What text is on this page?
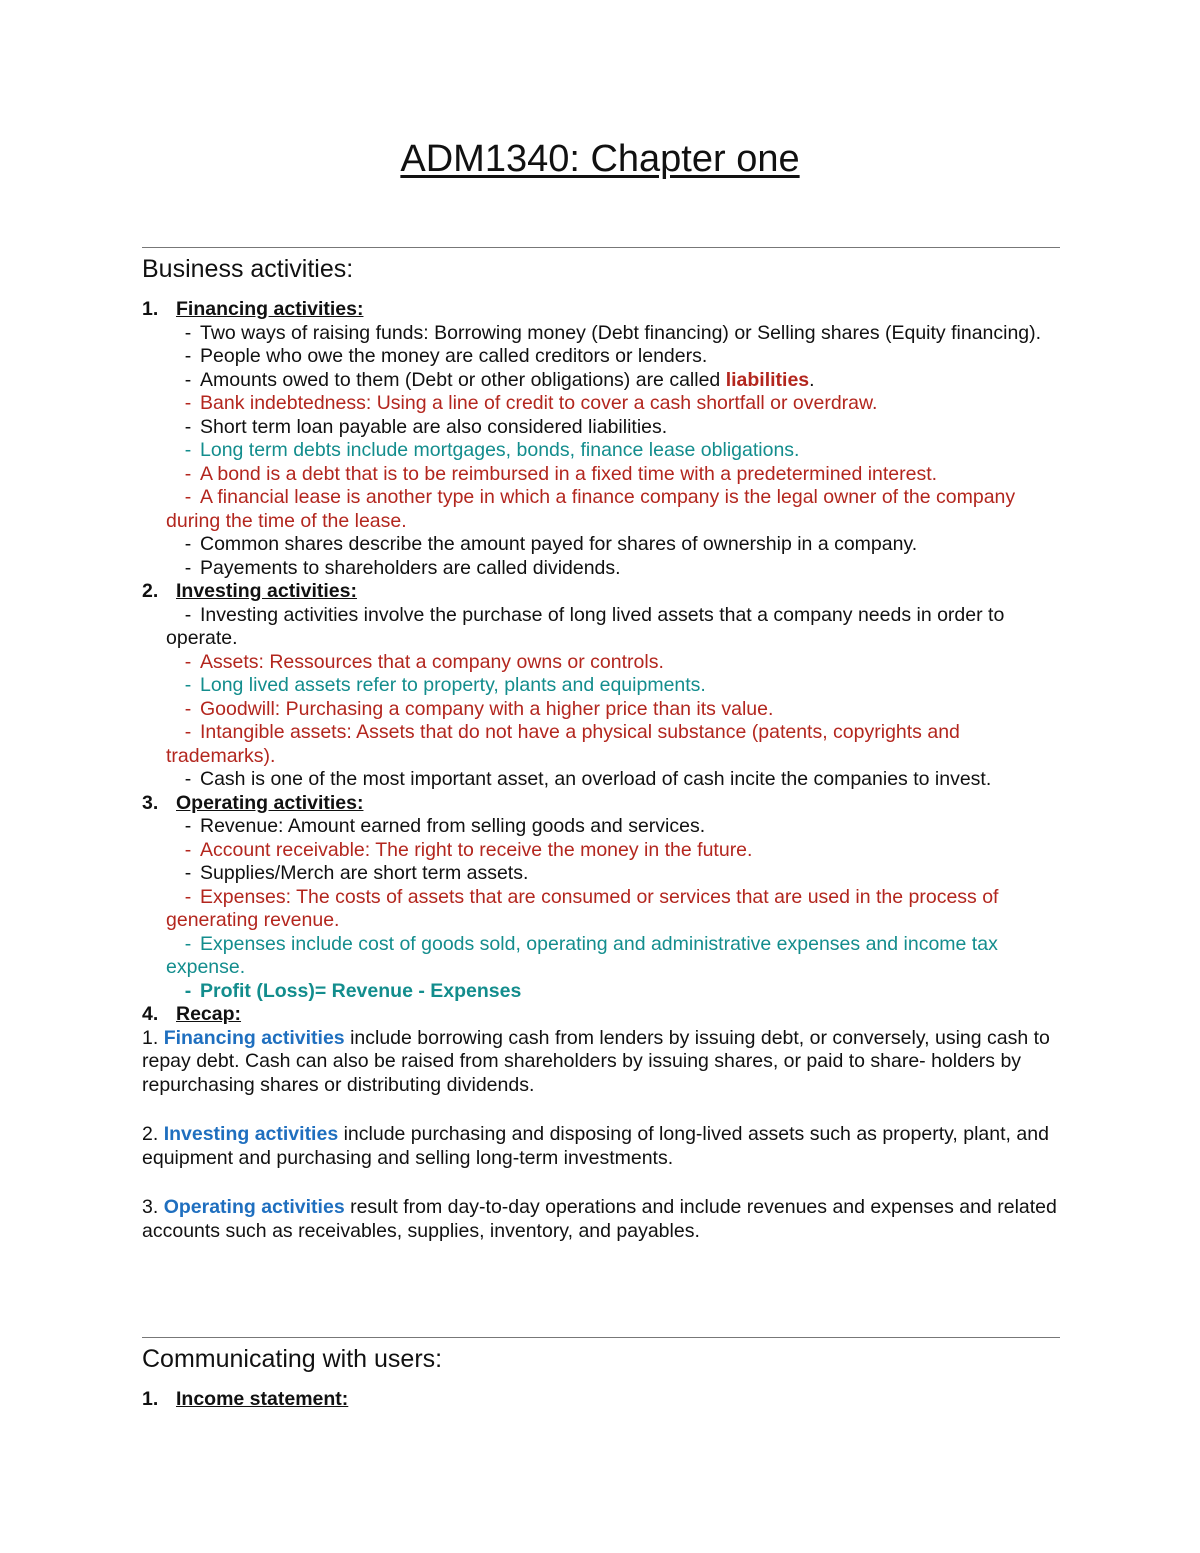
ADM1340: Chapter one
Business activities:
1. Financing activities:
- Two ways of raising funds: Borrowing money (Debt financing) or Selling shares (Equity financing).
- People who owe the money are called creditors or lenders.
- Amounts owed to them (Debt or other obligations) are called liabilities.
- Bank indebtedness: Using a line of credit to cover a cash shortfall or overdraw.
- Short term loan payable are also considered liabilities.
- Long term debts include mortgages, bonds, finance lease obligations.
- A bond is a debt that is to be reimbursed in a fixed time with a predetermined interest.
- A financial lease is another type in which a finance company is the legal owner of the company during the time of the lease.
- Common shares describe the amount payed for shares of ownership in a company.
- Payements to shareholders are called dividends.
2. Investing activities:
- Investing activities involve the purchase of long lived assets that a company needs in order to operate.
- Assets: Ressources that a company owns or controls.
- Long lived assets refer to property, plants and equipments.
- Goodwill: Purchasing a company with a higher price than its value.
- Intangible assets: Assets that do not have a physical substance (patents, copyrights and trademarks).
- Cash is one of the most important asset, an overload of cash incite the companies to invest.
3. Operating activities:
- Revenue: Amount earned from selling goods and services.
- Account receivable: The right to receive the money in the future.
- Supplies/Merch are short term assets.
- Expenses: The costs of assets that are consumed or services that are used in the process of generating revenue.
- Expenses include cost of goods sold, operating and administrative expenses and income tax expense.
- Profit (Loss)= Revenue - Expenses
4. Recap:

1. Financing activities include borrowing cash from lenders by issuing debt, or conversely, using cash to repay debt. Cash can also be raised from shareholders by issuing shares, or paid to share- holders by repurchasing shares or distributing dividends.

2. Investing activities include purchasing and disposing of long-lived assets such as property, plant, and equipment and purchasing and selling long-term investments.

3. Operating activities result from day-to-day operations and include revenues and expenses and related accounts such as receivables, supplies, inventory, and payables.

Communicating with users:
1. Income statement:
